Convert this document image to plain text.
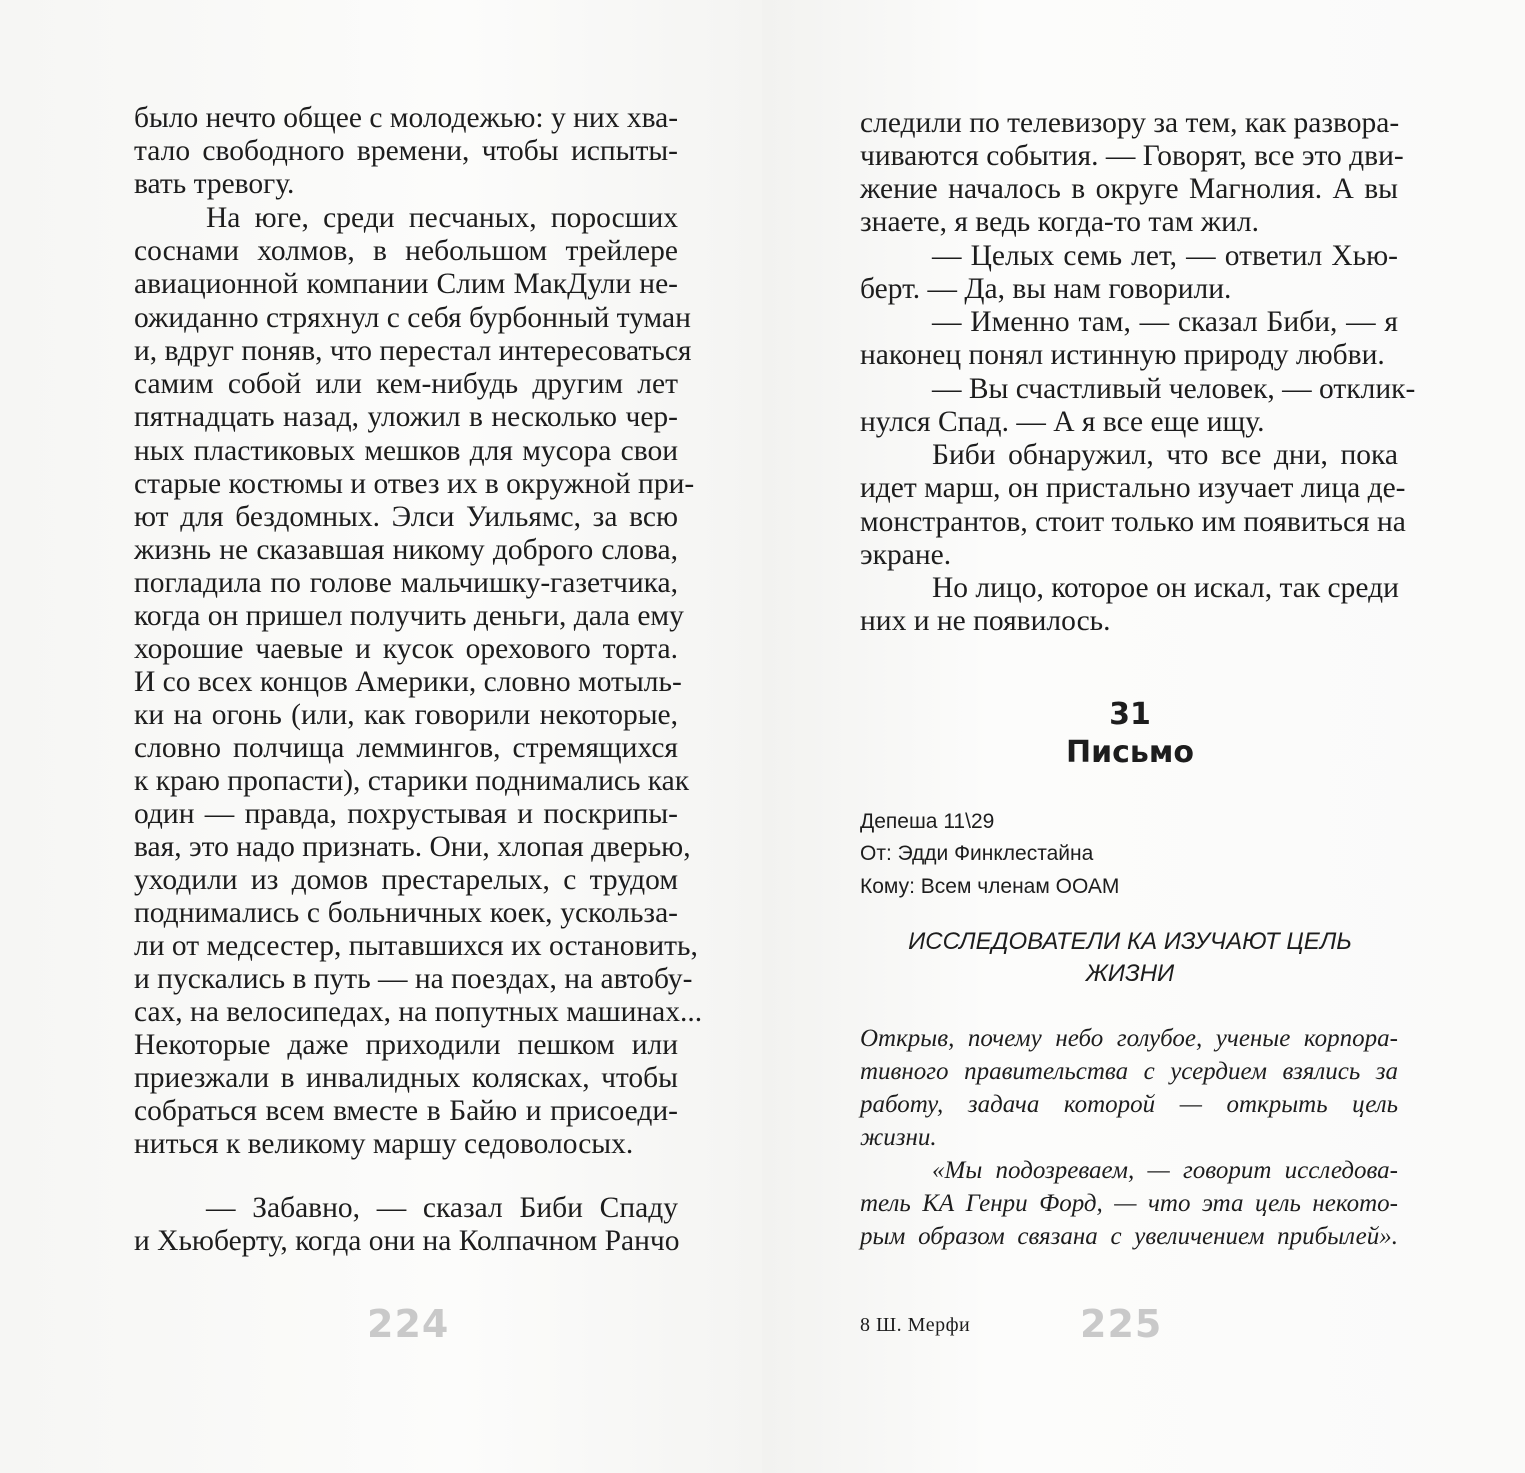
было нечто общее с молодежью: у них хва-
тало свободного времени, чтобы испыты-
вать тревогу.
На юге, среди песчаных, поросших
соснами холмов, в небольшом трейлере
авиационной компании Слим МакДули не-
ожиданно стряхнул с себя бурбонный туман
и, вдруг поняв, что перестал интересоваться
самим собой или кем-нибудь другим лет
пятнадцать назад, уложил в несколько чер-
ных пластиковых мешков для мусора свои
старые костюмы и отвез их в окружной при-
ют для бездомных. Элси Уильямс, за всю
жизнь не сказавшая никому доброго слова,
погладила по голове мальчишку-газетчика,
когда он пришел получить деньги, дала ему
хорошие чаевые и кусок орехового торта.
И со всех концов Америки, словно мотыль-
ки на огонь (или, как говорили некоторые,
словно полчища леммингов, стремящихся
к краю пропасти), старики поднимались как
один — правда, похрустывая и поскрипы-
вая, это надо признать. Они, хлопая дверью,
уходили из домов престарелых, с трудом
поднимались с больничных коек, ускольза-
ли от медсестер, пытавшихся их остановить,
и пускались в путь — на поездах, на автобу-
сах, на велосипедах, на попутных машинах...
Некоторые даже приходили пешком или
приезжали в инвалидных колясках, чтобы
собраться всем вместе в Байю и присоеди-
ниться к великому маршу седоволосых.
— Забавно, — сказал Биби Спаду
и Хьюберту, когда они на Колпачном Ранчо
224
следили по телевизору за тем, как развора-
чиваются события. — Говорят, все это дви-
жение началось в округе Магнолия. А вы
знаете, я ведь когда-то там жил.
— Целых семь лет, — ответил Хью-
берт. — Да, вы нам говорили.
— Именно там, — сказал Биби, — я
наконец понял истинную природу любви.
— Вы счастливый человек, — отклик-
нулся Спад. — А я все еще ищу.
Биби обнаружил, что все дни, пока
идет марш, он пристально изучает лица де-
монстрантов, стоит только им появиться на
экране.
Но лицо, которое он искал, так среди
них и не появилось.
31
Письмо
Депеша 11\29
От: Эдди Финклестайна
Кому: Всем членам ООАМ
ИССЛЕДОВАТЕЛИ КА ИЗУЧАЮТ ЦЕЛЬ
ЖИЗНИ
Открыв, почему небо голубое, ученые корпора-
тивного правительства с усердием взялись за
работу, задача которой — открыть цель
жизни.
«Мы подозреваем, — говорит исследова-
тель КА Генри Форд, — что эта цель некото-
рым образом связана с увеличением прибылей».
8 Ш. Мерфи	225
